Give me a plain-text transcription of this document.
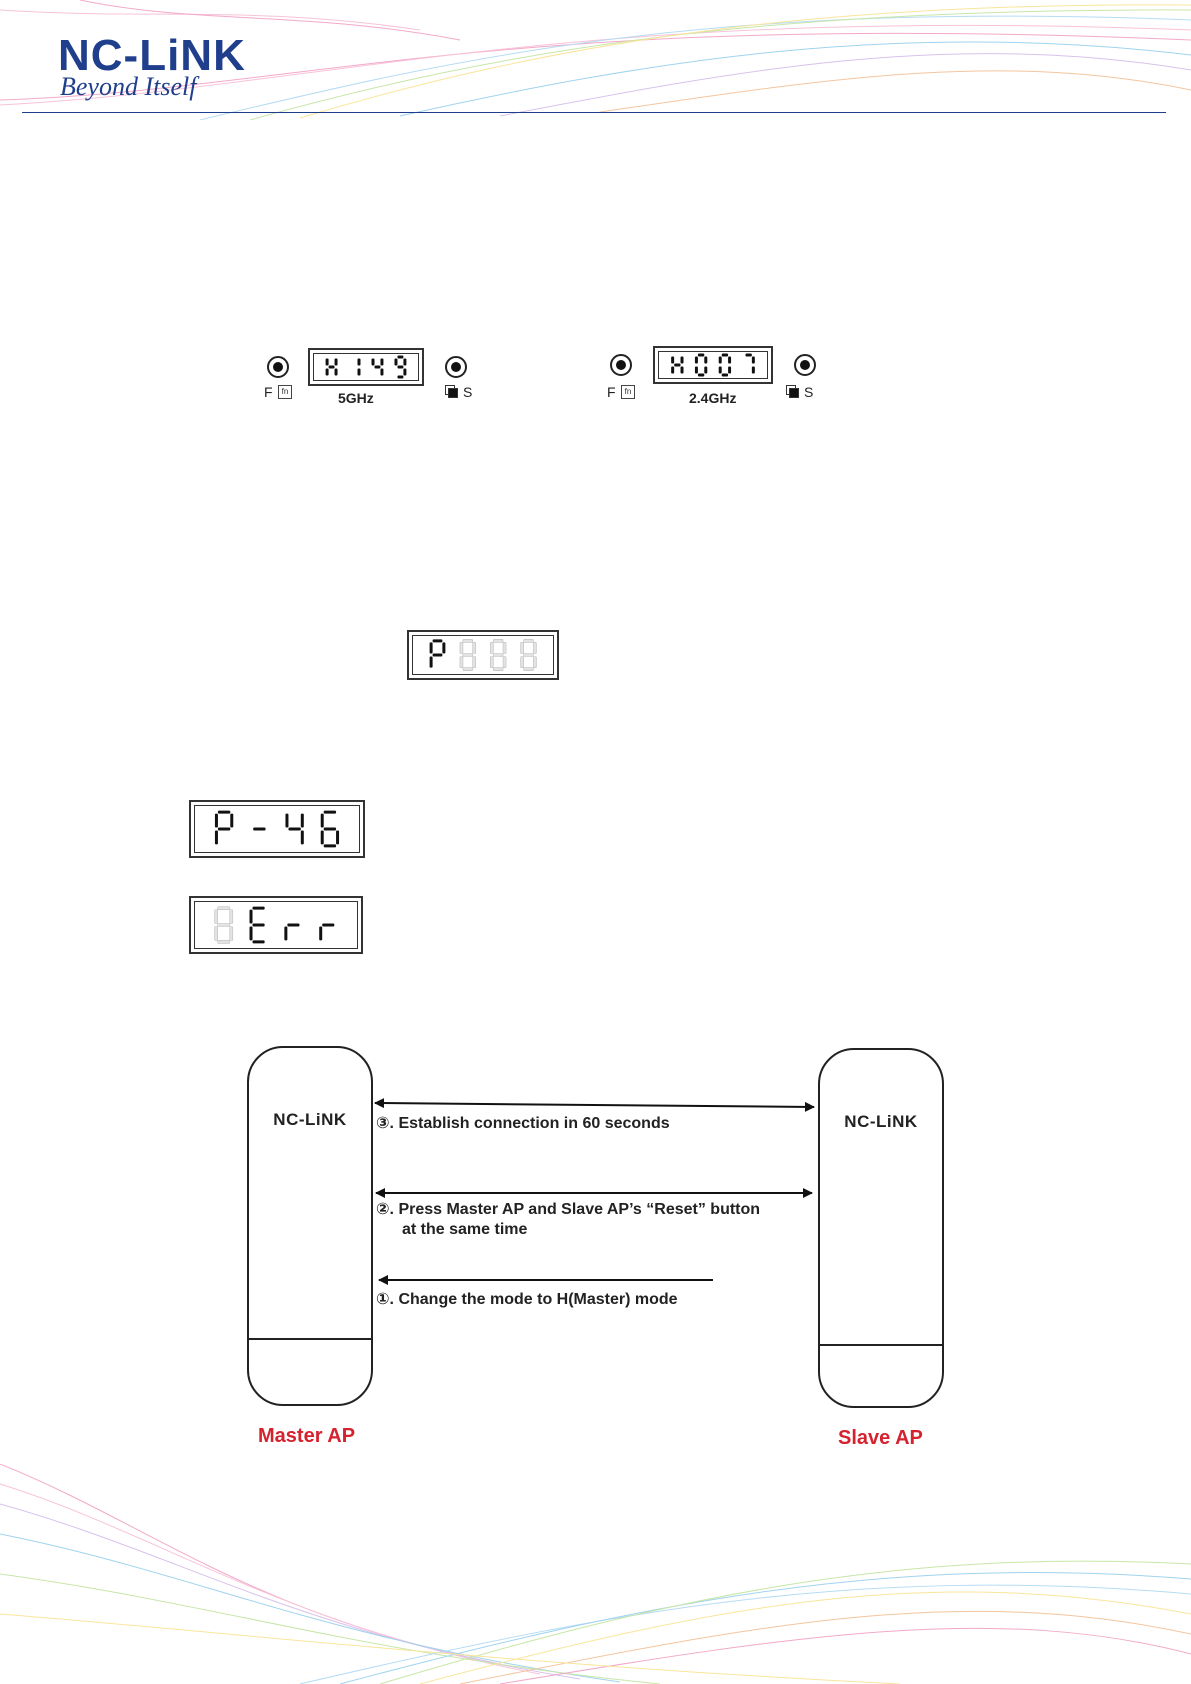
NC-LiNK
Beyond Itself
F	fn	5GHz	S	F	fn	2.4GHz	S
NC-LiNK
Master AP
NC-LiNK
Slave AP
③. Establish connection in 60 seconds
②. Press Master AP and Slave AP’s “Reset” button
at the same time
①. Change the mode to H(Master) mode
